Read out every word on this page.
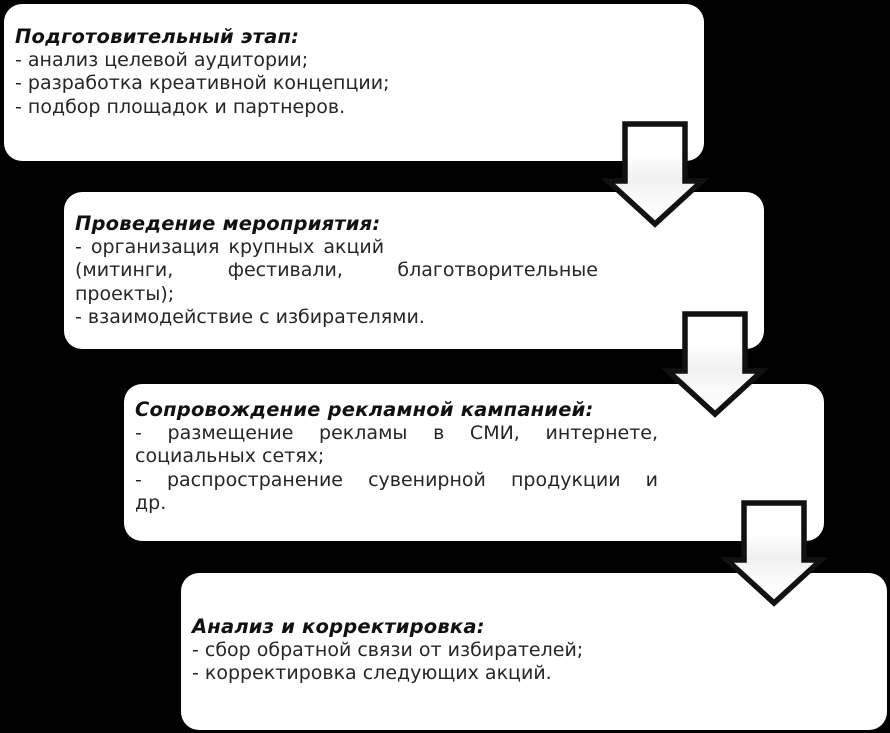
Подготовительный этап:

- анализ целевой аудитории;

- разработка креативной концепции;

- подбор площадок и партнеров.

Проведение мероприятия:

- организация крупных акций

(митинги, фестивали, благотворительные

проекты);

- взаимодействие с избирателями.

Сопровождение рекламной кампанией:

- размещение рекламы в СМИ, интернете,

социальных сетях;

- распространение сувенирной продукции и

др.

Анализ и корректировка:

- сбор обратной связи от избирателей;

- корректировка следующих акций.
